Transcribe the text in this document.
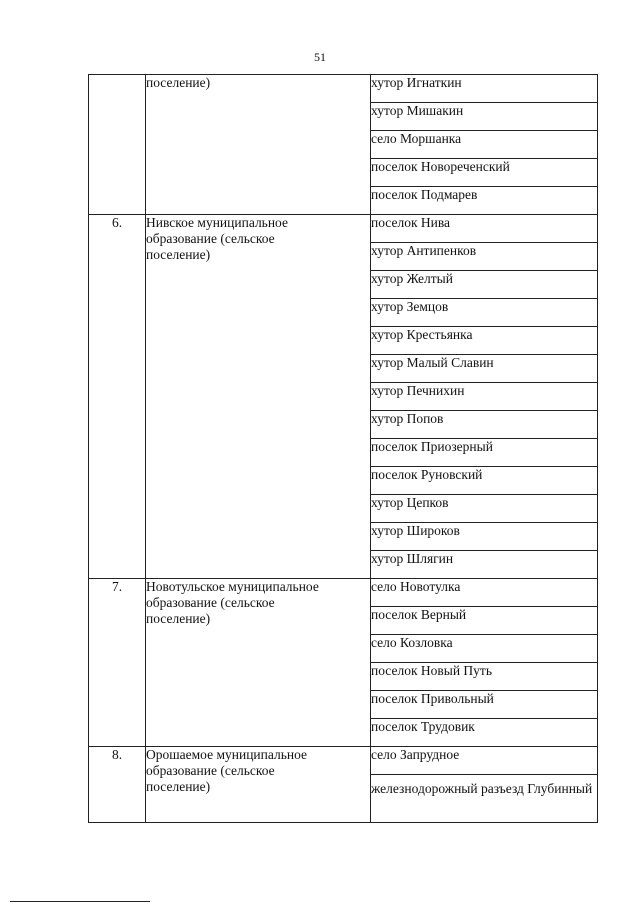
51

	поселение)	хутор Игнаткин
		хутор Мишакин
		село Моршанка
		поселок Новореченский
		поселок Подмарев
6.	Нивское муниципальное
образование (сельское
поселение)	поселок Нива
		хутор Антипенков
		хутор Желтый
		хутор Земцов
		хутор Крестьянка
		хутор Малый Славин
		хутор Печнихин
		хутор Попов
		поселок Приозерный
		поселок Руновский
		хутор Цепков
		хутор Широков
		хутор Шлягин
7.	Новотульское муниципальное
образование (сельское
поселение)	село Новотулка
		поселок Верный
		село Козловка
		поселок Новый Путь
		поселок Привольный
		поселок Трудовик
8.	Орошаемое муниципальное
образование (сельское
поселение)	село Запрудное
		железнодорожный разъезд Глубинный
